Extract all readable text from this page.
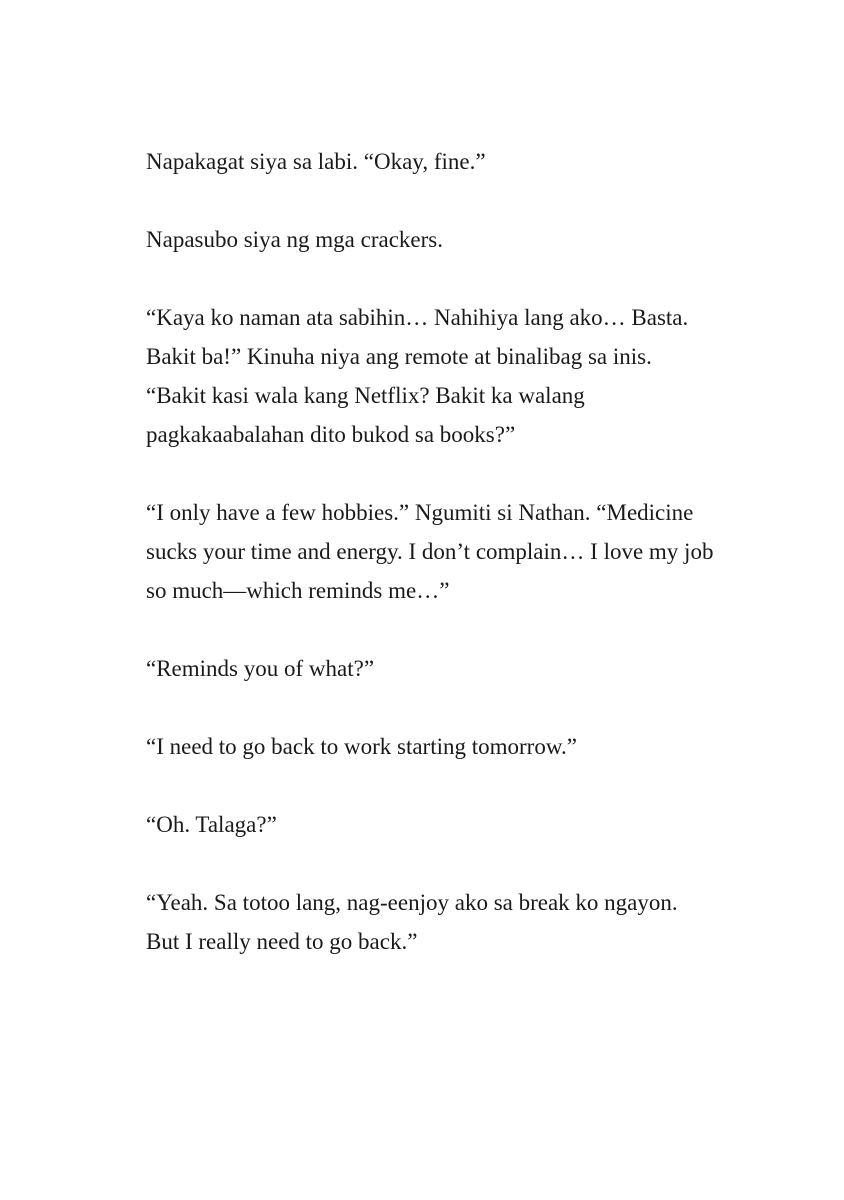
Napakagat siya sa labi. “Okay, fine.”

Napasubo siya ng mga crackers.

“Kaya ko naman ata sabihin… Nahihiya lang ako… Basta. Bakit ba!” Kinuha niya ang remote at binalibag sa inis. “Bakit kasi wala kang Netflix? Bakit ka walang pagkakaabalahan dito bukod sa books?”

“I only have a few hobbies.” Ngumiti si Nathan. “Medicine sucks your time and energy. I don’t complain… I love my job so much—which reminds me…”

“Reminds you of what?”

“I need to go back to work starting tomorrow.”

“Oh. Talaga?”

“Yeah. Sa totoo lang, nag-eenjoy ako sa break ko ngayon. But I really need to go back.”
